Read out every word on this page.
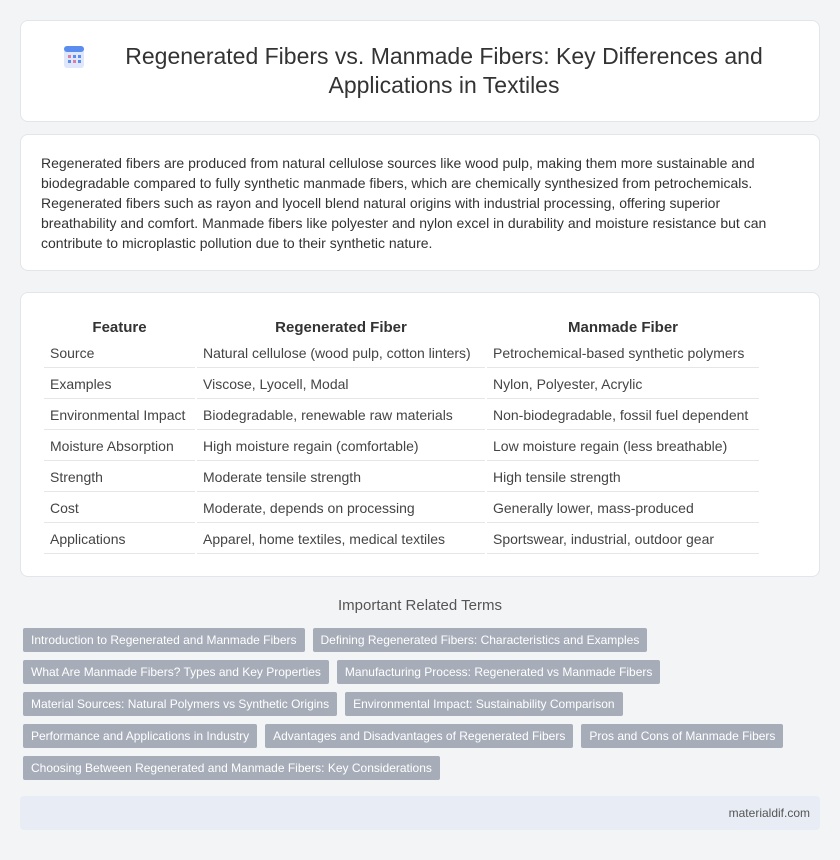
Regenerated Fibers vs. Manmade Fibers: Key Differences and Applications in Textiles

Regenerated fibers are produced from natural cellulose sources like wood pulp, making them more sustainable and biodegradable compared to fully synthetic manmade fibers, which are chemically synthesized from petrochemicals. Regenerated fibers such as rayon and lyocell blend natural origins with industrial processing, offering superior breathability and comfort. Manmade fibers like polyester and nylon excel in durability and moisture resistance but can contribute to microplastic pollution due to their synthetic nature.

Feature	Regenerated Fiber	Manmade Fiber
Source	Natural cellulose (wood pulp, cotton linters)	Petrochemical-based synthetic polymers
Examples	Viscose, Lyocell, Modal	Nylon, Polyester, Acrylic
Environmental Impact	Biodegradable, renewable raw materials	Non-biodegradable, fossil fuel dependent
Moisture Absorption	High moisture regain (comfortable)	Low moisture regain (less breathable)
Strength	Moderate tensile strength	High tensile strength
Cost	Moderate, depends on processing	Generally lower, mass-produced
Applications	Apparel, home textiles, medical textiles	Sportswear, industrial, outdoor gear
Important Related Terms
Introduction to Regenerated and Manmade Fibers	Defining Regenerated Fibers: Characteristics and Examples
What Are Manmade Fibers? Types and Key Properties	Manufacturing Process: Regenerated vs Manmade Fibers
Material Sources: Natural Polymers vs Synthetic Origins	Environmental Impact: Sustainability Comparison
Performance and Applications in Industry	Advantages and Disadvantages of Regenerated Fibers	Pros and Cons of Manmade Fibers
Choosing Between Regenerated and Manmade Fibers: Key Considerations
materialdif.com
